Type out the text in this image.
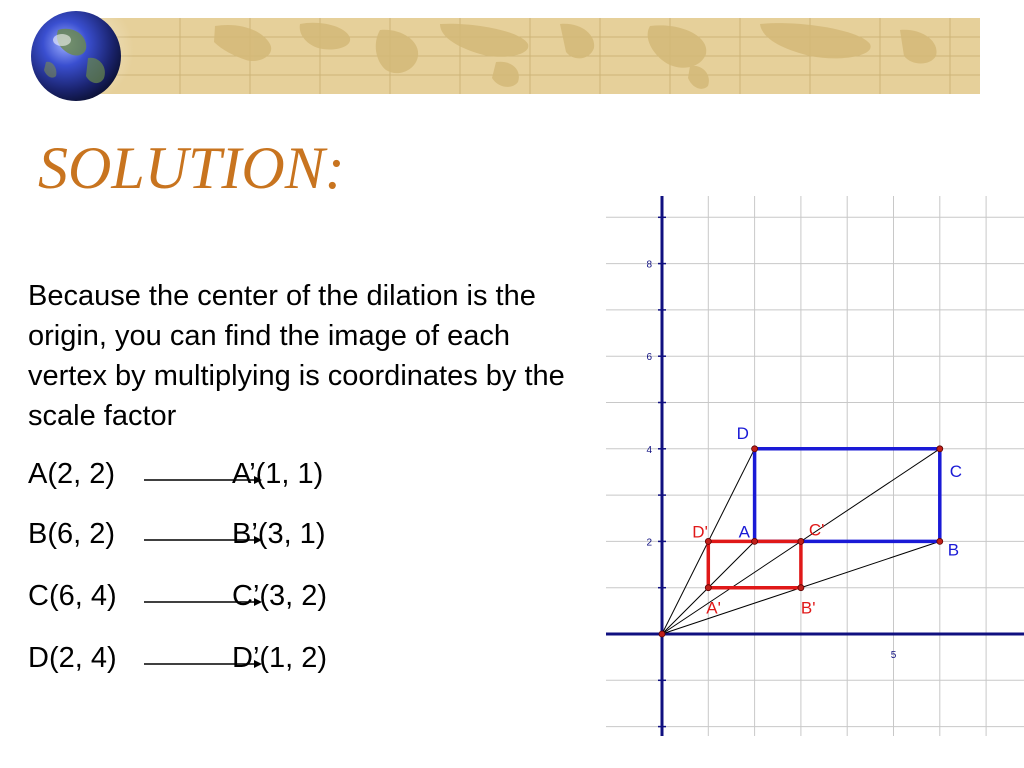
SOLUTION:
Because the center of the dilation is the origin, you can find the image of each vertex by multiplying is coordinates by the scale factor
A(2, 2)	A’(1, 1)
B(6, 2)	B’(3, 1)
C(6, 4)	C’(3, 2)
D(2, 4)	D’(1, 2)
2
4
6
8
5
A
B
C
D
A'	B'
C'
D'
